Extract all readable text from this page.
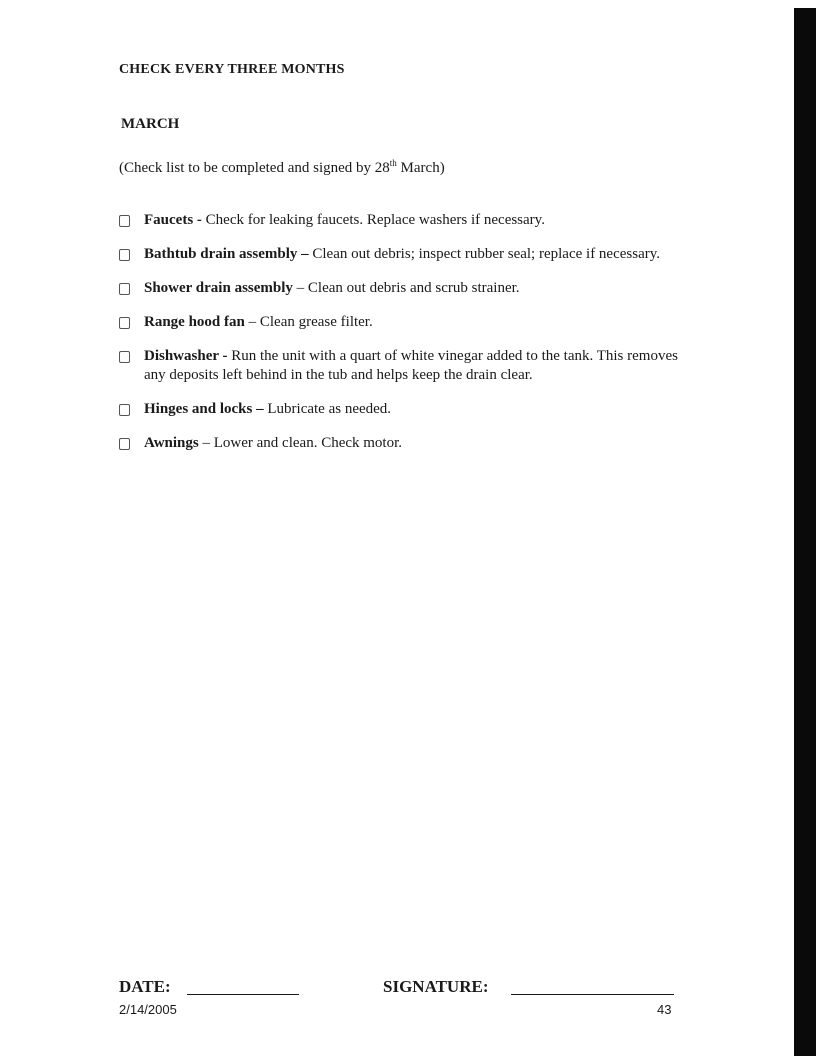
CHECK EVERY THREE MONTHS
MARCH
(Check list to be completed and signed by 28th March)
Faucets - Check for leaking faucets. Replace washers if necessary.
Bathtub drain assembly – Clean out debris; inspect rubber seal; replace if necessary.
Shower drain assembly – Clean out debris and scrub strainer.
Range hood fan – Clean grease filter.
Dishwasher - Run the unit with a quart of white vinegar added to the tank. This removes any deposits left behind in the tub and helps keep the drain clear.
Hinges and locks – Lubricate as needed.
Awnings – Lower and clean. Check motor.
DATE:	SIGNATURE:
2/14/2005	43
